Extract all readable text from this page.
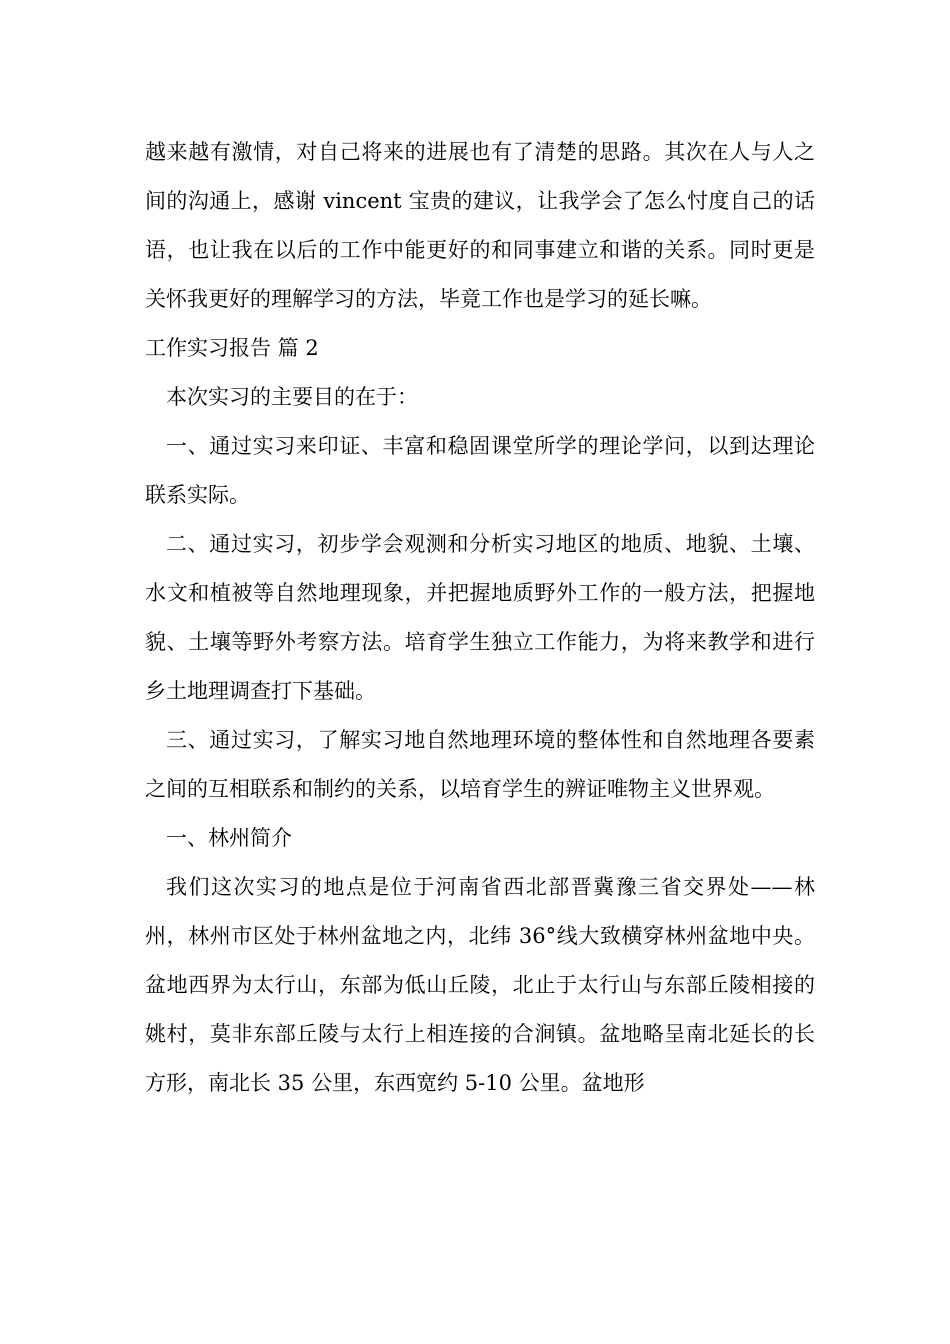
越来越有激情，对自己将来的进展也有了清楚的思路。其次在人与人之间的沟通上，感谢 vincent 宝贵的建议，让我学会了怎么忖度自己的话语，也让我在以后的工作中能更好的和同事建立和谐的关系。同时更是关怀我更好的理解学习的方法，毕竟工作也是学习的延长嘛。

工作实习报告 篇 2

本次实习的主要目的在于：

一、通过实习来印证、丰富和稳固课堂所学的理论学问，以到达理论联系实际。

二、通过实习，初步学会观测和分析实习地区的地质、地貌、土壤、水文和植被等自然地理现象，并把握地质野外工作的一般方法，把握地貌、土壤等野外考察方法。培育学生独立工作能力，为将来教学和进行乡土地理调查打下基础。

三、通过实习，了解实习地自然地理环境的整体性和自然地理各要素之间的互相联系和制约的关系，以培育学生的辨证唯物主义世界观。

一、林州简介

我们这次实习的地点是位于河南省西北部晋冀豫三省交界处——林州，林州市区处于林州盆地之内，北纬 36°线大致横穿林州盆地中央。盆地西界为太行山，东部为低山丘陵，北止于太行山与东部丘陵相接的姚村，莫非东部丘陵与太行上相连接的合涧镇。盆地略呈南北延长的长方形，南北长 35 公里，东西宽约 5-10 公里。盆地形
